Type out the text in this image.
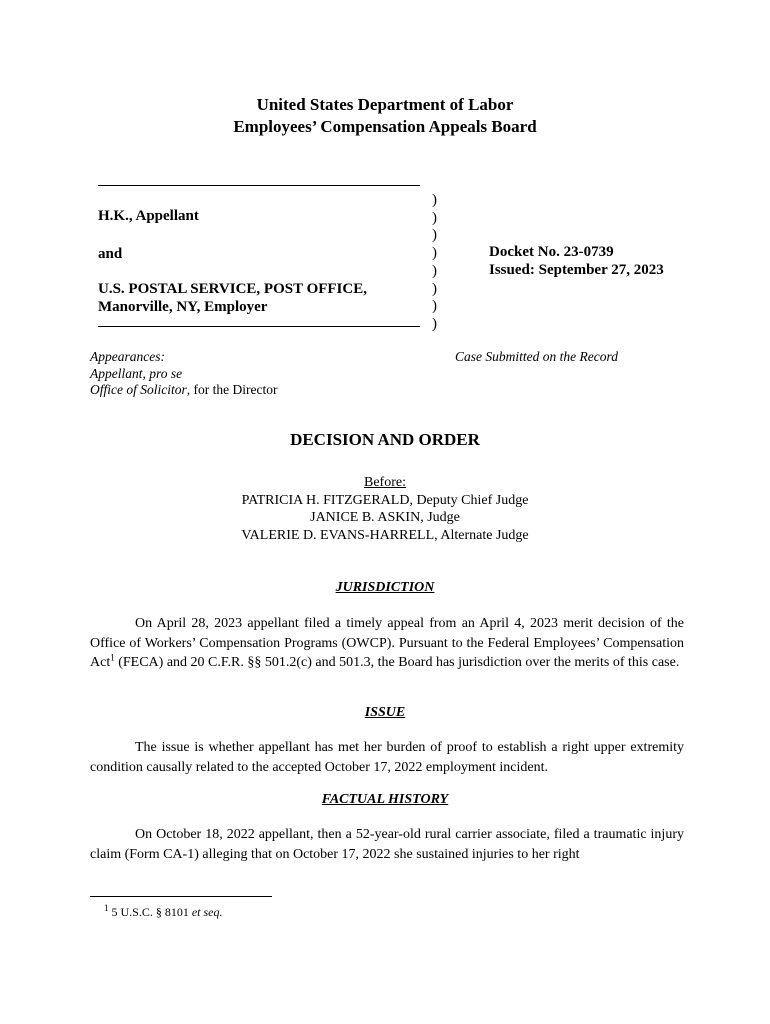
United States Department of Labor
Employees’ Compensation Appeals Board
H.K., Appellant
and
U.S. POSTAL SERVICE, POST OFFICE,
Manorville, NY, Employer
)
)
)
)
)
)
)
)
Docket No. 23-0739
Issued: September 27, 2023
Appearances:
Appellant, pro se
Office of Solicitor, for the Director
Case Submitted on the Record
DECISION AND ORDER
Before:
PATRICIA H. FITZGERALD, Deputy Chief Judge
JANICE B. ASKIN, Judge
VALERIE D. EVANS-HARRELL, Alternate Judge
JURISDICTION

On April 28, 2023 appellant filed a timely appeal from an April 4, 2023 merit decision of the Office of Workers’ Compensation Programs (OWCP). Pursuant to the Federal Employees’ Compensation Act$^1$ (FECA) and 20 C.F.R. §§ 501.2(c) and 501.3, the Board has jurisdiction over the merits of this case.

ISSUE

The issue is whether appellant has met her burden of proof to establish a right upper extremity condition causally related to the accepted October 17, 2022 employment incident.

FACTUAL HISTORY

On October 18, 2022 appellant, then a 52-year-old rural carrier associate, filed a traumatic injury claim (Form CA-1) alleging that on October 17, 2022 she sustained injuries to her right

$^1$ 5 U.S.C. § 8101 et seq.
